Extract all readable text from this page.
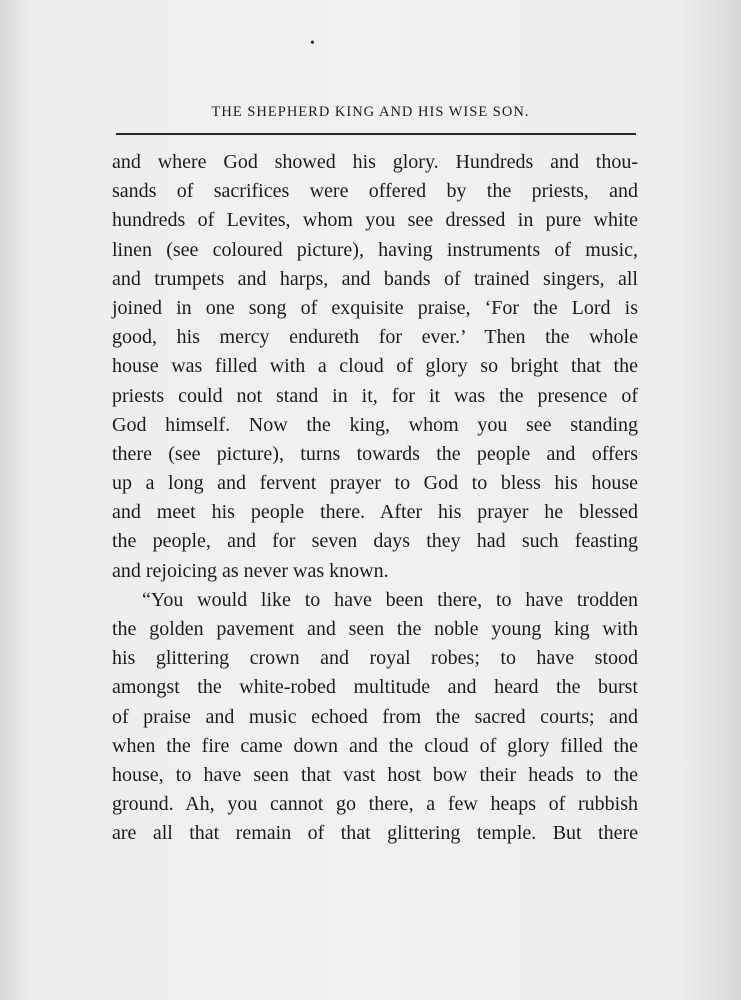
•
THE SHEPHERD KING AND HIS WISE SON.
and where God showed his glory. Hundreds and thou-
sands of sacrifices were offered by the priests, and
hundreds of Levites, whom you see dressed in pure white
linen (see coloured picture), having instruments of music,
and trumpets and harps, and bands of trained singers, all
joined in one song of exquisite praise, ‘For the Lord is
good, his mercy endureth for ever.’ Then the whole
house was filled with a cloud of glory so bright that the
priests could not stand in it, for it was the presence of
God himself. Now the king, whom you see standing
there (see picture), turns towards the people and offers
up a long and fervent prayer to God to bless his house
and meet his people there. After his prayer he blessed
the people, and for seven days they had such feasting
and rejoicing as never was known.
“You would like to have been there, to have trodden
the golden pavement and seen the noble young king with
his glittering crown and royal robes; to have stood
amongst the white-robed multitude and heard the burst
of praise and music echoed from the sacred courts; and
when the fire came down and the cloud of glory filled the
house, to have seen that vast host bow their heads to the
ground. Ah, you cannot go there, a few heaps of rubbish
are all that remain of that glittering temple. But there
●
